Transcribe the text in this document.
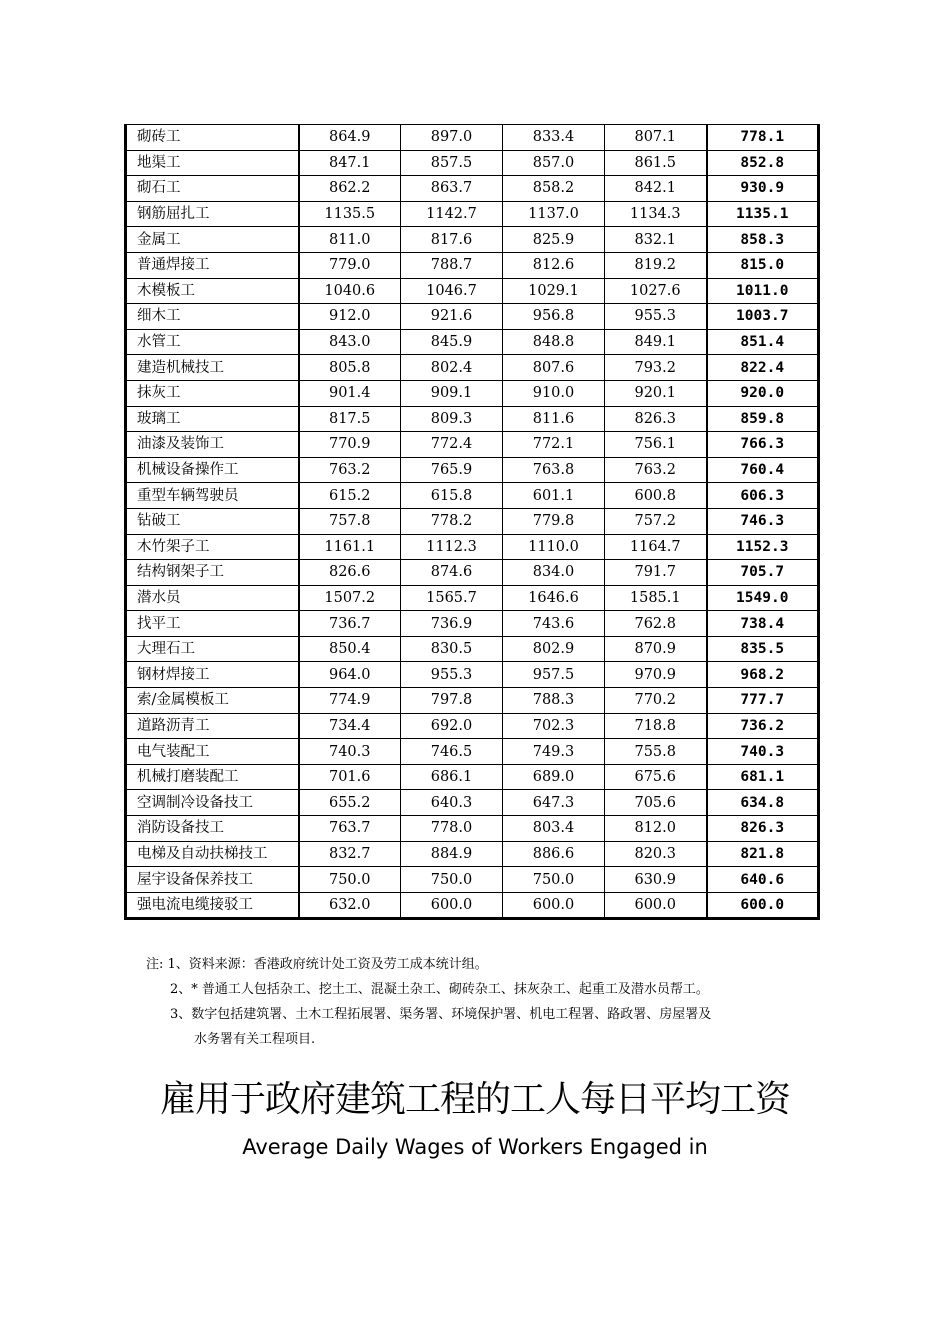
砌砖工	864.9	897.0	833.4	807.1	778.1
地渠工	847.1	857.5	857.0	861.5	852.8
砌石工	862.2	863.7	858.2	842.1	930.9
钢筋屈扎工	1135.5	1142.7	1137.0	1134.3	1135.1
金属工	811.0	817.6	825.9	832.1	858.3
普通焊接工	779.0	788.7	812.6	819.2	815.0
木模板工	1040.6	1046.7	1029.1	1027.6	1011.0
细木工	912.0	921.6	956.8	955.3	1003.7
水管工	843.0	845.9	848.8	849.1	851.4
建造机械技工	805.8	802.4	807.6	793.2	822.4
抹灰工	901.4	909.1	910.0	920.1	920.0
玻璃工	817.5	809.3	811.6	826.3	859.8
油漆及装饰工	770.9	772.4	772.1	756.1	766.3
机械设备操作工	763.2	765.9	763.8	763.2	760.4
重型车辆驾驶员	615.2	615.8	601.1	600.8	606.3
钻破工	757.8	778.2	779.8	757.2	746.3
木竹架子工	1161.1	1112.3	1110.0	1164.7	1152.3
结构钢架子工	826.6	874.6	834.0	791.7	705.7
潜水员	1507.2	1565.7	1646.6	1585.1	1549.0
找平工	736.7	736.9	743.6	762.8	738.4
大理石工	850.4	830.5	802.9	870.9	835.5
钢材焊接工	964.0	955.3	957.5	970.9	968.2
索/金属模板工	774.9	797.8	788.3	770.2	777.7
道路沥青工	734.4	692.0	702.3	718.8	736.2
电气装配工	740.3	746.5	749.3	755.8	740.3
机械打磨装配工	701.6	686.1	689.0	675.6	681.1
空调制冷设备技工	655.2	640.3	647.3	705.6	634.8
消防设备技工	763.7	778.0	803.4	812.0	826.3
电梯及自动扶梯技工	832.7	884.9	886.6	820.3	821.8
屋宇设备保养技工	750.0	750.0	750.0	630.9	640.6
强电流电缆接驳工	632.0	600.0	600.0	600.0	600.0
注: 1、资料来源：香港政府统计处工资及劳工成本统计组。
2、* 普通工人包括杂工、挖土工、混凝土杂工、砌砖杂工、抹灰杂工、起重工及潜水员帮工。
3、数字包括建筑署、土木工程拓展署、渠务署、环境保护署、机电工程署、路政署、房屋署及
水务署有关工程项目.
雇用于政府建筑工程的工人每日平均工资
Average Daily Wages of Workers Engaged in
